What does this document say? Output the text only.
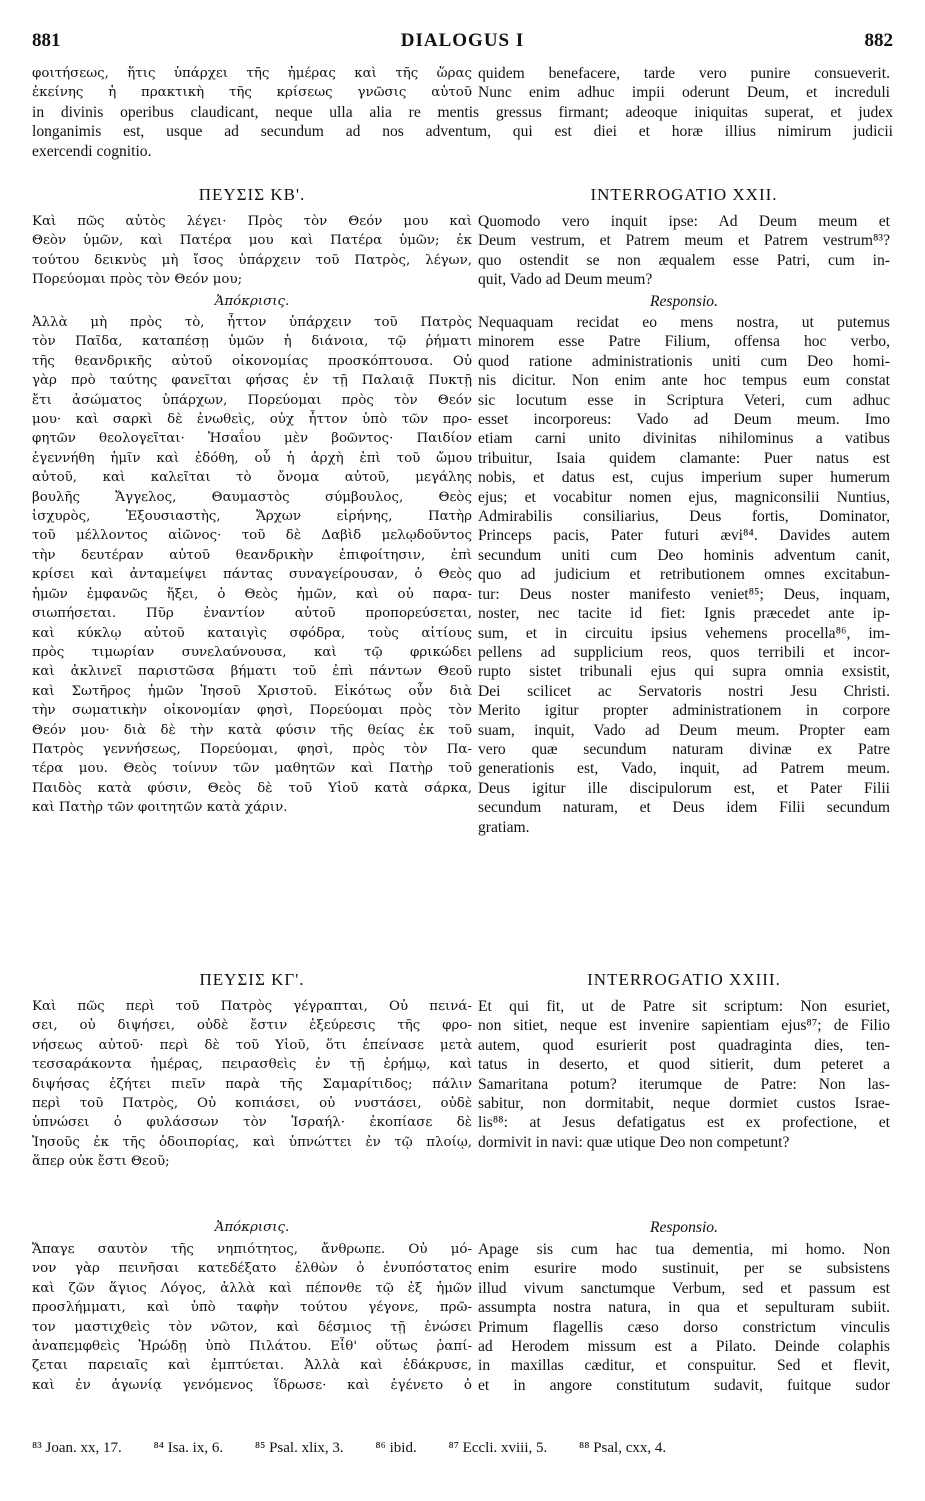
881	DIALOGUS I	882
φοιτήσεως, ἥτις ὑπάρχει τῆς ἡμέρας καὶ τῆς ὥρας
ἐκείνης ἡ πρακτικὴ τῆς κρίσεως γνῶσις αὐτοῦ
quidem benefacere, tarde vero punire consueverit.
Nunc enim adhuc impii oderunt Deum, et increduli
in divinis operibus claudicant, neque ulla alia re mentis gressus firmant; adeoque iniquitas superat, et judex
longanimis est, usque ad secundum ad nos adventum, qui est diei et horæ illius nimirum judicii
exercendi cognitio.
ΠΕΥΣΙΣ ΚΒ'.
Καὶ πῶς αὐτὸς λέγει· Πρὸς τὸν Θεόν μου καὶ
Θεὸν ὑμῶν, καὶ Πατέρα μου καὶ Πατέρα ὑμῶν; ἐκ
τούτου δεικνὺς μὴ ἴσος ὑπάρχειν τοῦ Πατρὸς, λέγων,
Πορεύομαι πρὸς τὸν Θεόν μου;
Ἀπόκρισις.
Ἀλλὰ μὴ πρὸς τὸ, ἧττον ὑπάρχειν τοῦ Πατρὸς
τὸν Παῖδα, καταπέσῃ ὑμῶν ἡ διάνοια, τῷ ῥήματι
τῆς θεανδρικῆς αὐτοῦ οἰκονομίας προσκόπτουσα. Οὐ
γὰρ πρὸ ταύτης φανεῖται φήσας ἐν τῇ Παλαιᾷ Πυκτῇ
ἔτι ἀσώματος ὑπάρχων, Πορεύομαι πρὸς τὸν Θεόν
μου· καὶ σαρκὶ δὲ ἑνωθεὶς, οὐχ ἧττον ὑπὸ τῶν προ-
φητῶν θεολογεῖται· Ἡσαΐου μὲν βοῶντος· Παιδίον
ἐγεννήθη ἡμῖν καὶ ἐδόθη, οὗ ἡ ἀρχὴ ἐπὶ τοῦ ὤμου
αὐτοῦ, καὶ καλεῖται τὸ ὄνομα αὐτοῦ, μεγάλης
βουλῆς Ἄγγελος, Θαυμαστὸς σύμβουλος, Θεὸς
ἰσχυρὸς, Ἐξουσιαστὴς, Ἄρχων εἰρήνης, Πατὴρ
τοῦ μέλλοντος αἰῶνος· τοῦ δὲ Δαβὶδ μελῳδοῦντος
τὴν δευτέραν αὐτοῦ θεανδρικὴν ἐπιφοίτησιν, ἐπὶ
κρίσει καὶ ἀνταμείψει πάντας συναγείρουσαν, ὁ Θεὸς
ἡμῶν ἐμφανῶς ἥξει, ὁ Θεὸς ἡμῶν, καὶ οὐ παρα-
σιωπήσεται. Πῦρ ἐναντίον αὐτοῦ προπορεύσεται,
καὶ κύκλῳ αὐτοῦ καταιγὶς σφόδρα, τοὺς αἰτίους
πρὸς τιμωρίαν συνελαύνουσα, καὶ τῷ φρικώδει
καὶ ἀκλινεῖ παριστῶσα βήματι τοῦ ἐπὶ πάντων Θεοῦ
καὶ Σωτῆρος ἡμῶν Ἰησοῦ Χριστοῦ. Εἰκότως οὖν διὰ
τὴν σωματικὴν οἰκονομίαν φησὶ, Πορεύομαι πρὸς τὸν
Θεόν μου· διὰ δὲ τὴν κατὰ φύσιν τῆς θείας ἐκ τοῦ
Πατρὸς γεννήσεως, Πορεύομαι, φησὶ, πρὸς τὸν Πα-
τέρα μου. Θεὸς τοίνυν τῶν μαθητῶν καὶ Πατὴρ τοῦ
Παιδὸς κατὰ φύσιν, Θεὸς δὲ τοῦ Υἱοῦ κατὰ σάρκα,
καὶ Πατὴρ τῶν φοιτητῶν κατὰ χάριν.
INTERROGATIO XXII.
Quomodo vero inquit ipse: Ad Deum meum et
Deum vestrum, et Patrem meum et Patrem vestrum⁸³?
quo ostendit se non æqualem esse Patri, cum in-
quit, Vado ad Deum meum?
Responsio.
Nequaquam recidat eo mens nostra, ut putemus
minorem esse Patre Filium, offensa hoc verbo,
quod ratione administrationis uniti cum Deo homi-
nis dicitur. Non enim ante hoc tempus eum constat
sic locutum esse in Scriptura Veteri, cum adhuc
esset incorporeus: Vado ad Deum meum. Imo
etiam carni unito divinitas nihilominus a vatibus
tribuitur, Isaia quidem clamante: Puer natus est
nobis, et datus est, cujus imperium super humerum
ejus; et vocabitur nomen ejus, magniconsilii Nuntius,
Admirabilis consiliarius, Deus fortis, Dominator,
Princeps pacis, Pater futuri ævi⁸⁴. Davides autem
secundum uniti cum Deo hominis adventum canit,
quo ad judicium et retributionem omnes excitabun-
tur: Deus noster manifesto veniet⁸⁵; Deus, inquam,
noster, nec tacite id fiet: Ignis præcedet ante ip-
sum, et in circuitu ipsius vehemens procella⁸⁶, im-
pellens ad supplicium reos, quos terribili et incor-
rupto sistet tribunali ejus qui supra omnia exsistit,
Dei scilicet ac Servatoris nostri Jesu Christi.
Merito igitur propter administrationem in corpore
suam, inquit, Vado ad Deum meum. Propter eam
vero quæ secundum naturam divinæ ex Patre
generationis est, Vado, inquit, ad Patrem meum.
Deus igitur ille discipulorum est, et Pater Filii
secundum naturam, et Deus idem Filii secundum
gratiam.
ΠΕΥΣΙΣ ΚΓ'.
Καὶ πῶς περὶ τοῦ Πατρὸς γέγραπται, Οὐ πεινά-
σει, οὐ διψήσει, οὐδὲ ἔστιν ἐξεύρεσις τῆς φρο-
νήσεως αὐτοῦ· περὶ δὲ τοῦ Υἱοῦ, ὅτι ἐπείνασε μετὰ
τεσσαράκοντα ἡμέρας, πειρασθεὶς ἐν τῇ ἐρήμῳ, καὶ
διψήσας ἐζήτει πιεῖν παρὰ τῆς Σαμαρίτιδος; πάλιν
περὶ τοῦ Πατρὸς, Οὐ κοπιάσει, οὐ νυστάσει, οὐδὲ
ὑπνώσει ὁ φυλάσσων τὸν Ἰσραήλ· ἐκοπίασε δὲ
Ἰησοῦς ἐκ τῆς ὁδοιπορίας, καὶ ὑπνώττει ἐν τῷ πλοίῳ,
ἅπερ οὐκ ἔστι Θεοῦ;
Ἀπόκρισις.
Ἄπαγε σαυτὸν τῆς νηπιότητος, ἄνθρωπε. Οὐ μό-
νον γὰρ πεινῆσαι κατεδέξατο ἐλθὼν ὁ ἐνυπόστατος
καὶ ζῶν ἅγιος Λόγος, ἀλλὰ καὶ πέπονθε τῷ ἐξ ἡμῶν
προσλήμματι, καὶ ὑπὸ ταφὴν τούτου γέγονε, πρῶ-
τον μαστιχθεὶς τὸν νῶτον, καὶ δέσμιος τῇ ἑνώσει
ἀναπεμφθεὶς Ἡρώδῃ ὑπὸ Πιλάτου. Εἶθ' οὕτως ῥαπί-
ζεται παρειαῖς καὶ ἐμπτύεται. Ἀλλὰ καὶ ἐδάκρυσε,
καὶ ἐν ἀγωνίᾳ γενόμενος ἵδρωσε· καὶ ἐγένετο ὁ
INTERROGATIO XXIII.
Et qui fit, ut de Patre sit scriptum: Non esuriet,
non sitiet, neque est invenire sapientiam ejus⁸⁷; de Filio
autem, quod esurierit post quadraginta dies, ten-
tatus in deserto, et quod sitierit, dum peteret a
Samaritana potum? iterumque de Patre: Non las-
sabitur, non dormitabit, neque dormiet custos Israe-
lis⁸⁸: at Jesus defatigatus est ex profectione, et
dormivit in navi: quæ utique Deo non competunt?
Responsio.
Apage sis cum hac tua dementia, mi homo. Non
enim esurire modo sustinuit, per se subsistens
illud vivum sanctumque Verbum, sed et passum est
assumpta nostra natura, in qua et sepulturam subiit.
Primum flagellis cæso dorso constrictum vinculis
ad Herodem missum est a Pilato. Deinde colaphis
in maxillas cæditur, et conspuitur. Sed et flevit,
et in angore constitutum sudavit, fuitque sudor
⁸³ Joan. xx, 17. ⁸⁴ Isa. ix, 6. ⁸⁵ Psal. xlix, 3. ⁸⁶ ibid. ⁸⁷ Eccli. xviii, 5. ⁸⁸ Psal, cxx, 4.
